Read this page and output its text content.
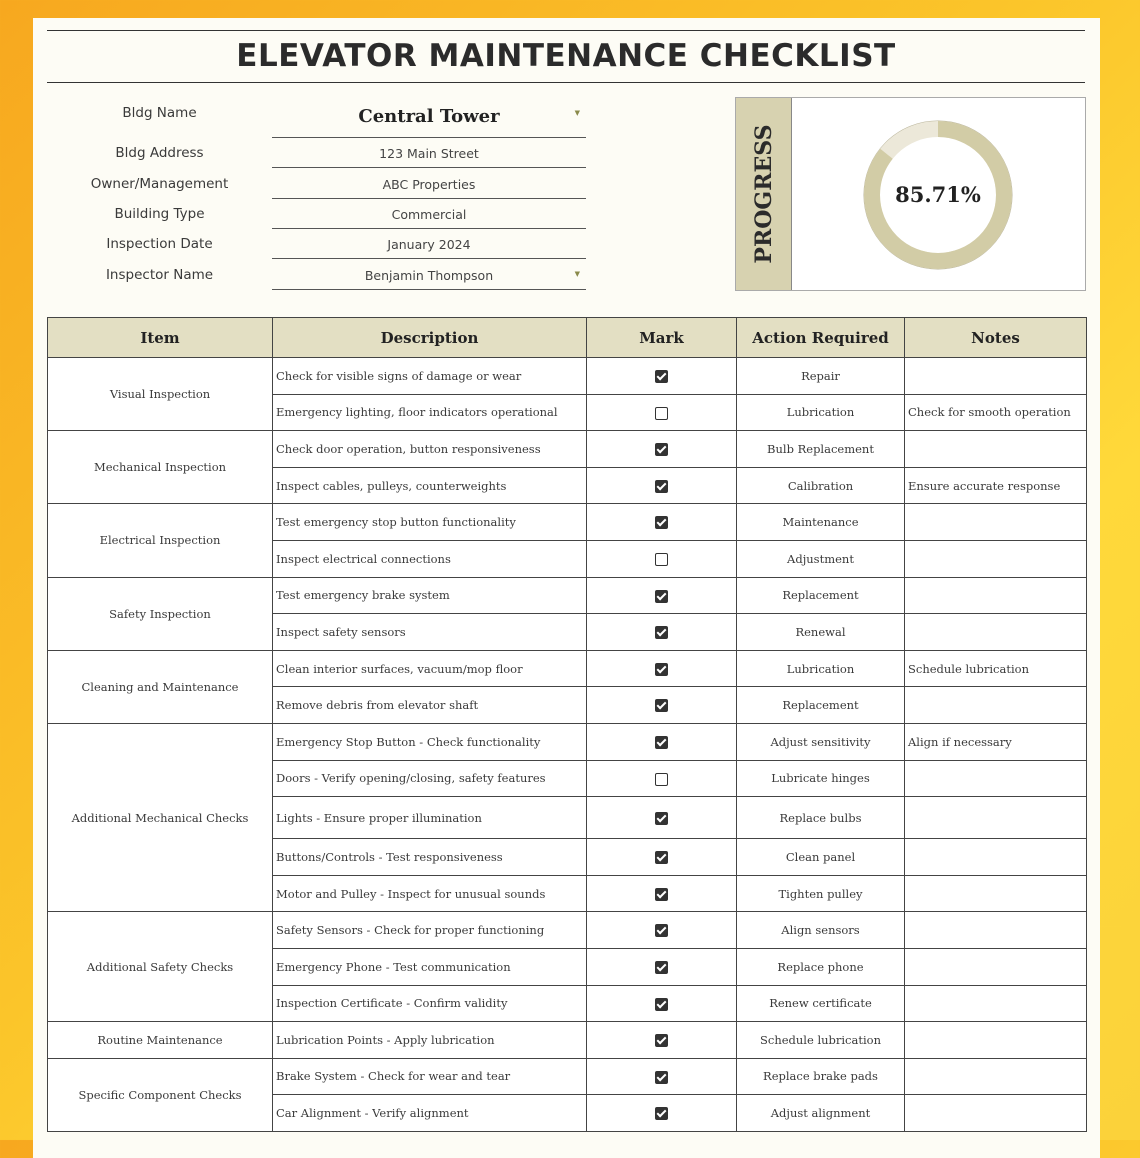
ELEVATOR MAINTENANCE CHECKLIST
Bldg Name	Central Tower	▼
Bldg Address	123 Main Street
Owner/Management	ABC Properties
Building Type	Commercial
Inspection Date	January 2024
Inspector Name	Benjamin Thompson	▼
PROGRESS	85.71%
Item	Description	Mark	Action Required	Notes
Visual Inspection	Check for visible signs of damage or wear		Repair	
	Emergency lighting, floor indicators operational		Lubrication	Check for smooth operation
Mechanical Inspection	Check door operation, button responsiveness		Bulb Replacement	
	Inspect cables, pulleys, counterweights		Calibration	Ensure accurate response
Electrical Inspection	Test emergency stop button functionality		Maintenance	
	Inspect electrical connections		Adjustment	
Safety Inspection	Test emergency brake system		Replacement	
	Inspect safety sensors		Renewal	
Cleaning and Maintenance	Clean interior surfaces, vacuum/mop floor		Lubrication	Schedule lubrication
	Remove debris from elevator shaft		Replacement	
Additional Mechanical Checks	Emergency Stop Button - Check functionality		Adjust sensitivity	Align if necessary
	Doors - Verify opening/closing, safety features		Lubricate hinges	
	Lights - Ensure proper illumination		Replace bulbs	
	Buttons/Controls - Test responsiveness		Clean panel	
	Motor and Pulley - Inspect for unusual sounds		Tighten pulley	
Additional Safety Checks	Safety Sensors - Check for proper functioning		Align sensors	
	Emergency Phone - Test communication		Replace phone	
	Inspection Certificate - Confirm validity		Renew certificate	
Routine Maintenance	Lubrication Points - Apply lubrication		Schedule lubrication	
Specific Component Checks	Brake System - Check for wear and tear		Replace brake pads	
	Car Alignment - Verify alignment		Adjust alignment	
